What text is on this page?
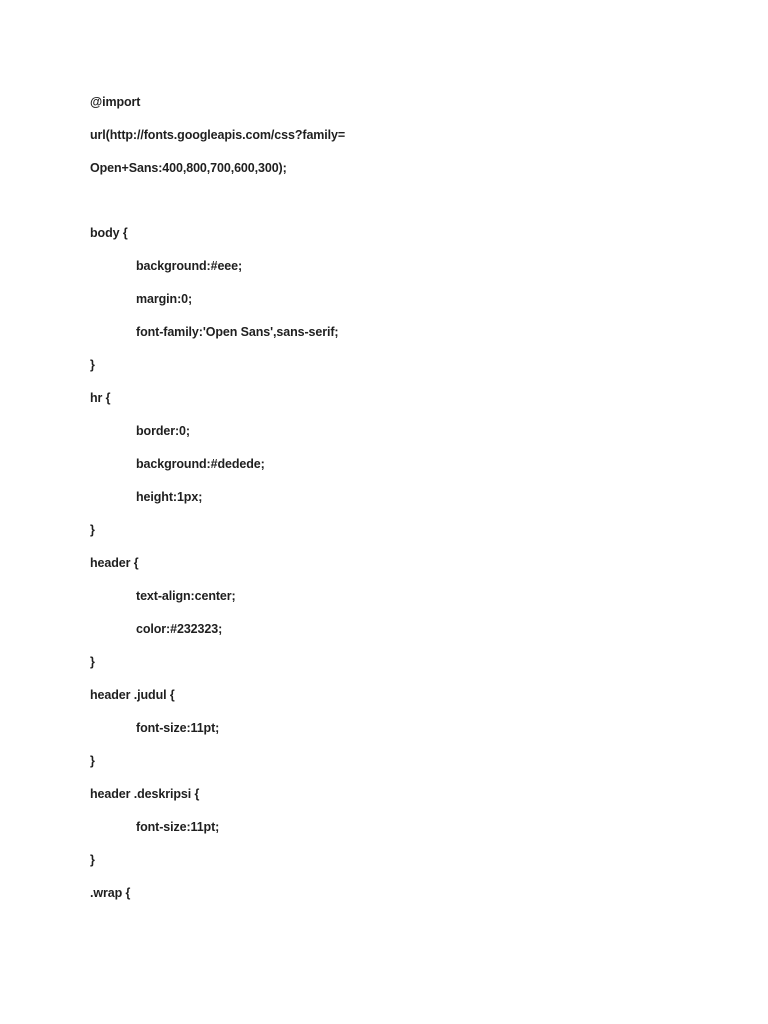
@import
url(http://fonts.googleapis.com/css?family=
Open+Sans:400,800,700,600,300);
body {
background:#eee;
margin:0;
font-family:'Open Sans',sans-serif;
}
hr {
border:0;
background:#dedede;
height:1px;
}
header {
text-align:center;
color:#232323;
}
header .judul {
font-size:11pt;
}
header .deskripsi {
font-size:11pt;
}
.wrap {
